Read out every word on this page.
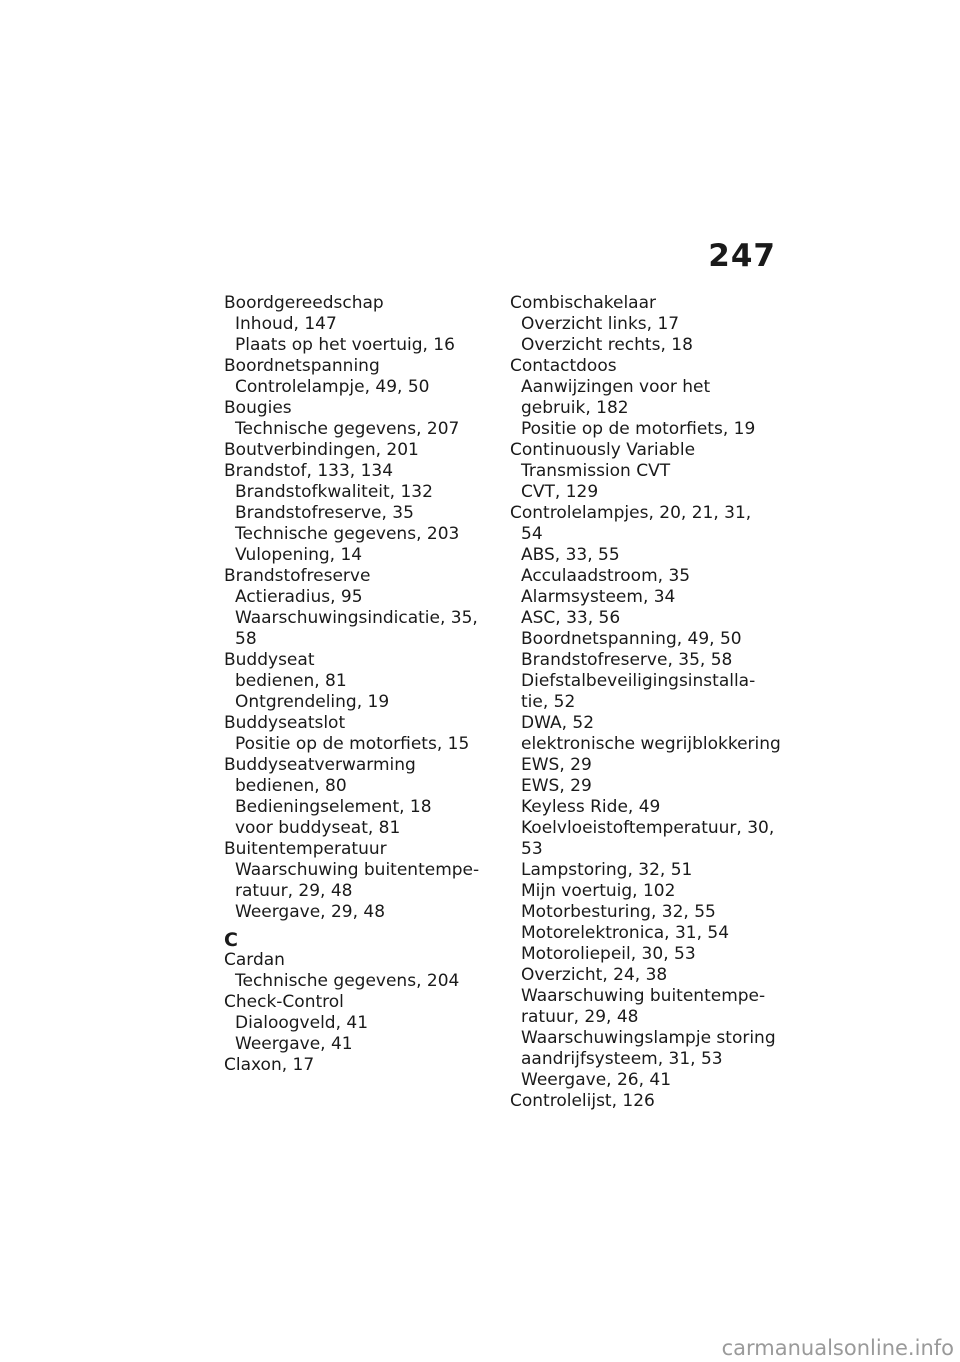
247
Boordgereedschap
Inhoud, 147
Plaats op het voertuig, 16
Boordnetspanning
Controlelampje, 49, 50
Bougies
Technische gegevens, 207
Boutverbindingen, 201
Brandstof, 133, 134
Brandstofkwaliteit, 132
Brandstofreserve, 35
Technische gegevens, 203
Vulopening, 14
Brandstofreserve
Actieradius, 95
Waarschuwingsindicatie, 35,
58
Buddyseat
bedienen, 81
Ontgrendeling, 19
Buddyseatslot
Positie op de motorfiets, 15
Buddyseatverwarming
bedienen, 80
Bedieningselement, 18
voor buddyseat, 81
Buitentemperatuur
Waarschuwing buitentempe-
ratuur, 29, 48
Weergave, 29, 48
C
Cardan
Technische gegevens, 204
Check-Control
Dialoogveld, 41
Weergave, 41
Claxon, 17
Combischakelaar
Overzicht links, 17
Overzicht rechts, 18
Contactdoos
Aanwijzingen voor het
gebruik, 182
Positie op de motorfiets, 19
Continuously Variable
Transmission CVT
CVT, 129
Controlelampjes, 20, 21, 31,
54
ABS, 33, 55
Acculaadstroom, 35
Alarmsysteem, 34
ASC, 33, 56
Boordnetspanning, 49, 50
Brandstofreserve, 35, 58
Diefstalbeveiligingsinstalla-
tie, 52
DWA, 52
elektronische wegrijblokkering
EWS, 29
EWS, 29
Keyless Ride, 49
Koelvloeistoftemperatuur, 30,
53
Lampstoring, 32, 51
Mijn voertuig, 102
Motorbesturing, 32, 55
Motorelektronica, 31, 54
Motoroliepeil, 30, 53
Overzicht, 24, 38
Waarschuwing buitentempe-
ratuur, 29, 48
Waarschuwingslampje storing
aandrijfsysteem, 31, 53
Weergave, 26, 41
Controlelijst, 126
carmanualsonline.info
